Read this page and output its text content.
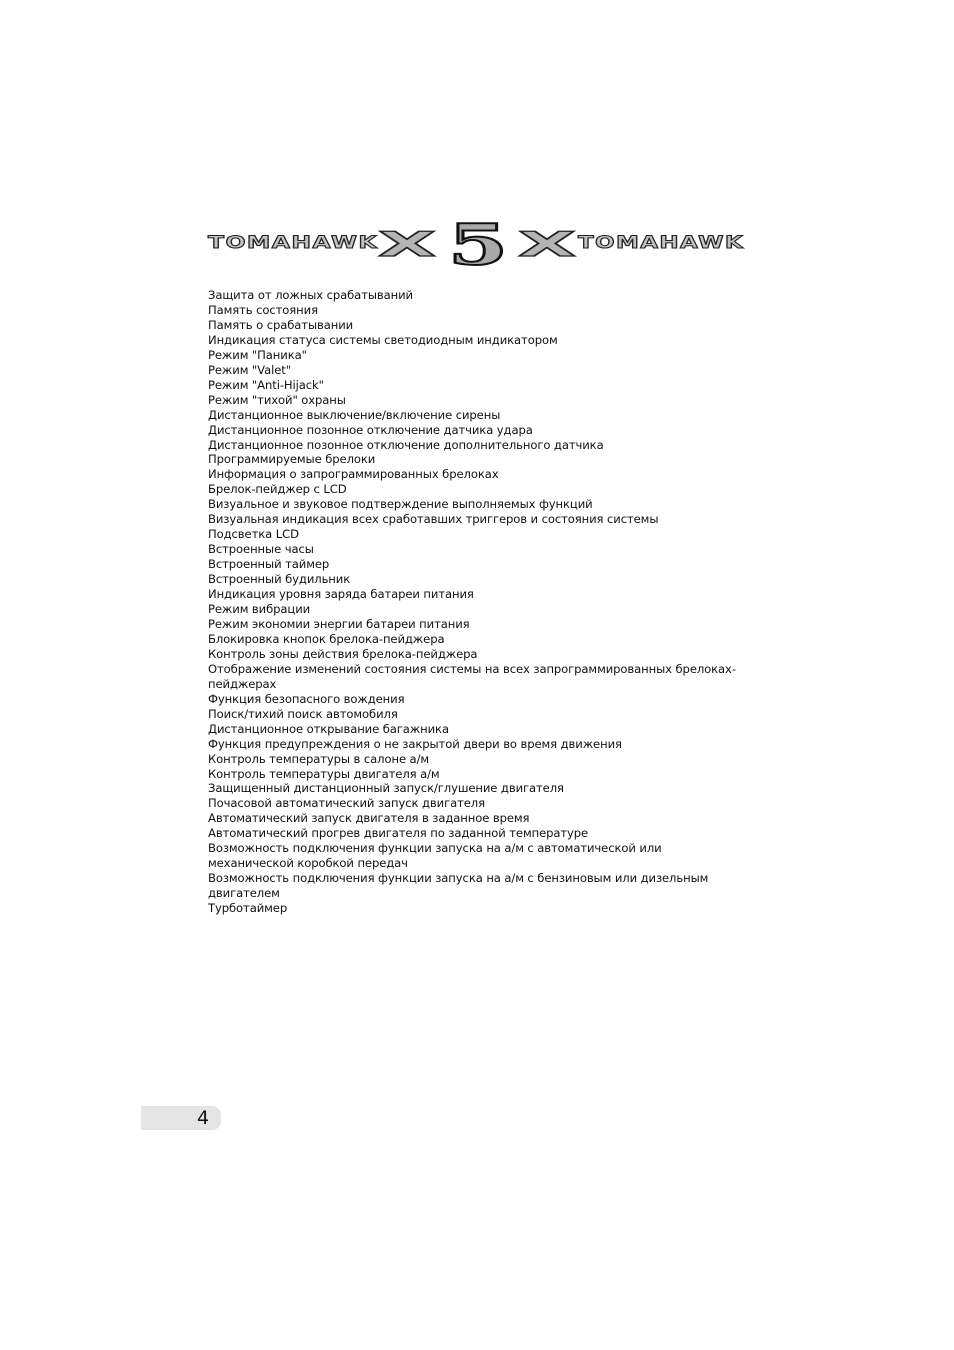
TOMAHAWK X 5 X TOMAHAWK
Защита от ложных срабатываний
Память состояния
Память о срабатывании
Индикация статуса системы светодиодным индикатором
Режим "Паника"
Режим "Valet"
Режим "Anti-Hijack"
Режим "тихой" охраны
Дистанционное выключение/включение сирены
Дистанционное позонное отключение датчика удара
Дистанционное позонное отключение дополнительного датчика
Программируемые брелоки
Информация о запрограммированных брелоках
Брелок-пейджер с LCD
Визуальное и звуковое подтверждение выполняемых функций
Визуальная индикация всех сработавших триггеров и состояния системы
Подсветка LCD
Встроенные часы
Встроенный таймер
Встроенный будильник
Индикация уровня заряда батареи питания
Режим вибрации
Режим экономии энергии батареи питания
Блокировка кнопок брелока-пейджера
Контроль зоны действия брелока-пейджера
Отображение изменений состояния системы на всех запрограммированных брелоках-пейджерах
Функция безопасного вождения
Поиск/тихий поиск автомобиля
Дистанционное открывание багажника
Функция предупреждения о не закрытой двери во время движения
Контроль температуры в салоне а/м
Контроль температуры двигателя а/м
Защищенный дистанционный запуск/глушение двигателя
Почасовой автоматический запуск двигателя
Автоматический запуск двигателя в заданное время
Автоматический прогрев двигателя по заданной температуре
Возможность подключения функции запуска на а/м с автоматической или механической коробкой передач
Возможность подключения функции запуска на а/м с бензиновым или дизельным двигателем
Турботаймер
4
